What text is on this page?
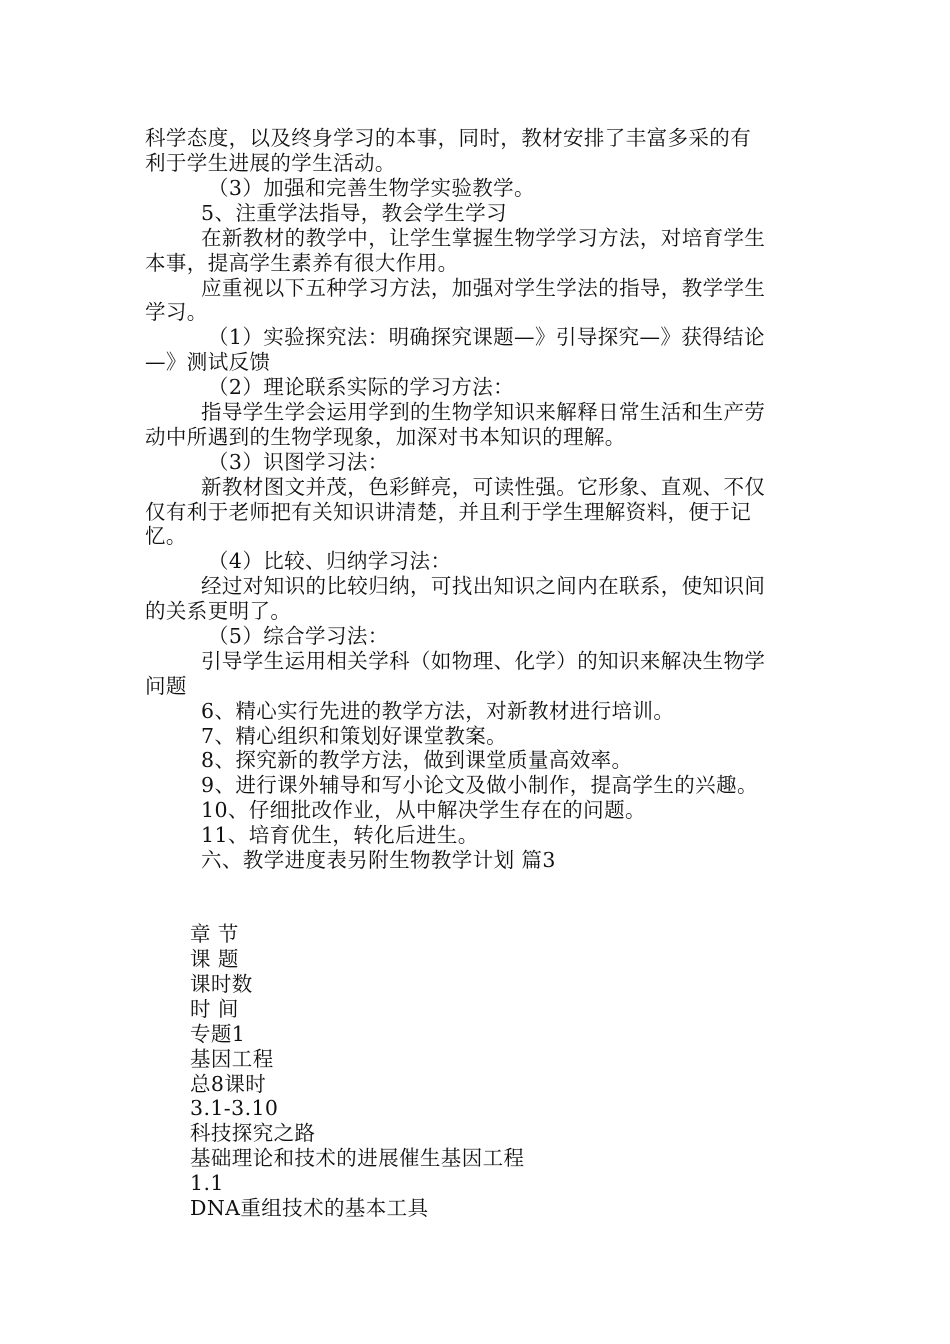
科学态度，以及终身学习的本事，同时，教材安排了丰富多采的有
利于学生进展的学生活动。
（3）加强和完善生物学实验教学。
5、注重学法指导，教会学生学习
在新教材的教学中，让学生掌握生物学学习方法，对培育学生
本事，提高学生素养有很大作用。
应重视以下五种学习方法，加强对学生学法的指导，教学学生
学习。
（1）实验探究法：明确探究课题—》引导探究—》获得结论
—》测试反馈
（2）理论联系实际的学习方法：
指导学生学会运用学到的生物学知识来解释日常生活和生产劳
动中所遇到的生物学现象，加深对书本知识的理解。
（3）识图学习法：
新教材图文并茂，色彩鲜亮，可读性强。它形象、直观、不仅
仅有利于老师把有关知识讲清楚，并且利于学生理解资料，便于记
忆。
（4）比较、归纳学习法：
经过对知识的比较归纳，可找出知识之间内在联系，使知识间
的关系更明了。
（5）综合学习法：
引导学生运用相关学科（如物理、化学）的知识来解决生物学
问题
6、精心实行先进的教学方法，对新教材进行培训。
7、精心组织和策划好课堂教案。
8、探究新的教学方法，做到课堂质量高效率。
9、进行课外辅导和写小论文及做小制作，提高学生的兴趣。
10、仔细批改作业，从中解决学生存在的问题。
11、培育优生，转化后进生。
六、教学进度表另附生物教学计划 篇3
章 节
课 题
课时数
时 间
专题1
基因工程
总8课时
3.1-3.10
科技探究之路
基础理论和技术的进展催生基因工程
1.1
DNA重组技术的基本工具
